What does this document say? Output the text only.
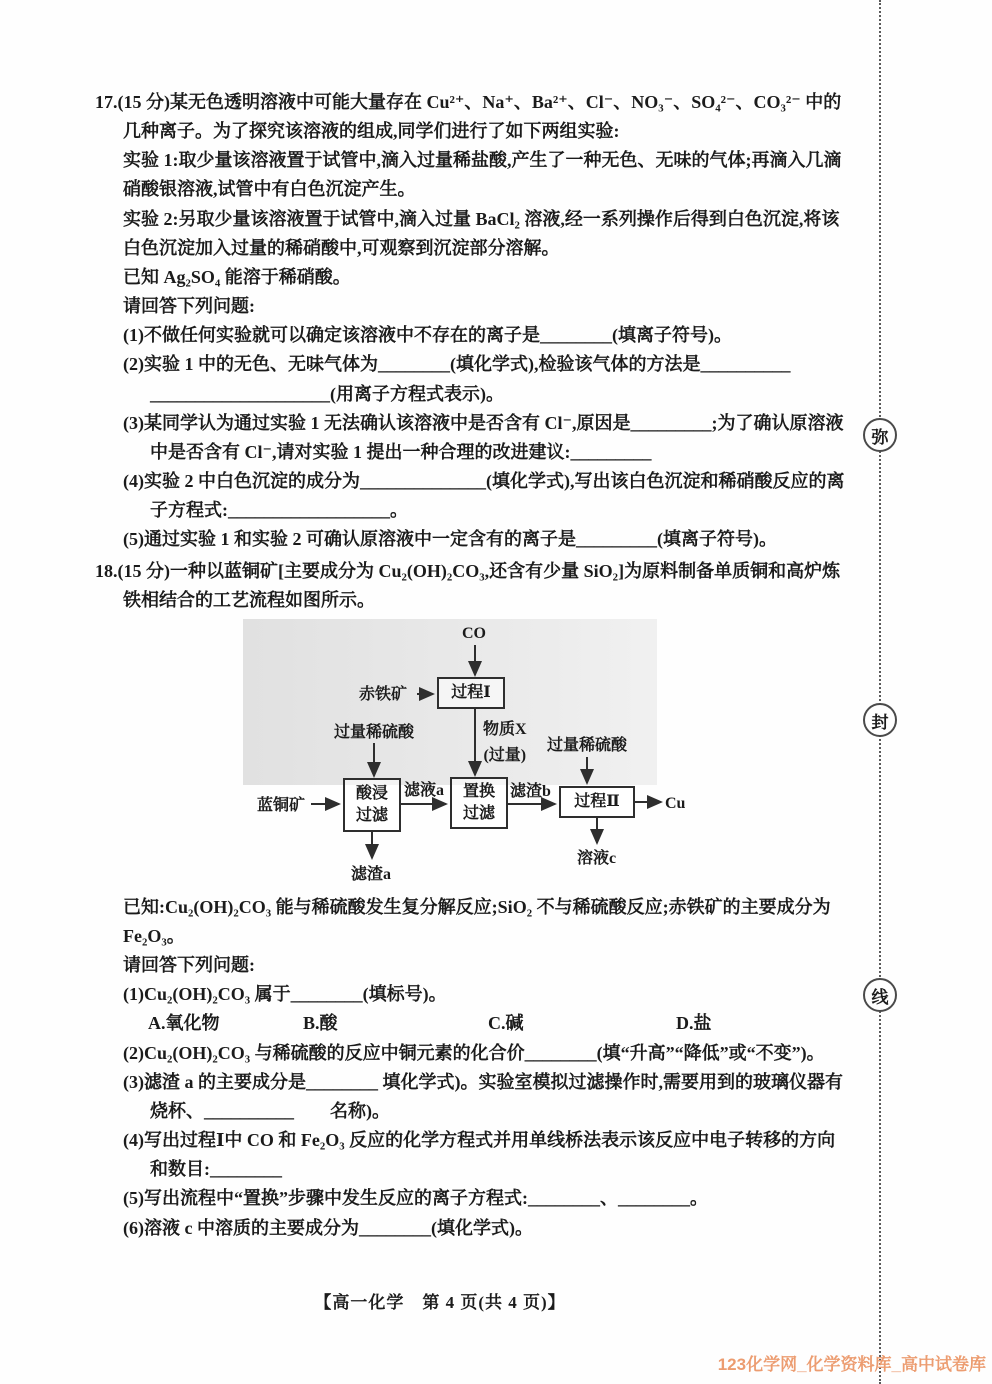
17.(15 分)某无色透明溶液中可能大量存在 Cu²⁺、Na⁺、Ba²⁺、Cl⁻、NO₃⁻、SO₄²⁻、CO₃²⁻ 中的几种离子。为了探究该溶液的组成,同学们进行了如下两组实验:

实验 1:取少量该溶液置于试管中,滴入过量稀盐酸,产生了一种无色、无味的气体;再滴入几滴硝酸银溶液,试管中有白色沉淀产生。

实验 2:另取少量该溶液置于试管中,滴入过量 BaCl₂ 溶液,经一系列操作后得到白色沉淀,将该白色沉淀加入过量的稀硝酸中,可观察到沉淀部分溶解。

已知 Ag₂SO₄ 能溶于稀硝酸。

请回答下列问题:

(1)不做任何实验就可以确定该溶液中不存在的离子是________(填离子符号)。

(2)实验 1 中的无色、无味气体为________(填化学式),检验该气体的方法是__________ ____________________(用离子方程式表示)。

(3)某同学认为通过实验 1 无法确认该溶液中是否含有 Cl⁻,原因是_________;为了确认原溶液中是否含有 Cl⁻,请对实验 1 提出一种合理的改进建议:_________

(4)实验 2 中白色沉淀的成分为______________(填化学式),写出该白色沉淀和稀硝酸反应的离子方程式:__________________。

(5)通过实验 1 和实验 2 可确认原溶液中一定含有的离子是_________(填离子符号)。

18.(15 分)一种以蓝铜矿[主要成分为 Cu₂(OH)₂CO₃,还含有少量 SiO₂]为原料制备单质铜和高炉炼铁相结合的工艺流程如图所示。

CO
赤铁矿	过程Ⅰ
物质X
(过量)
过量稀硫酸
过量稀硫酸
蓝铜矿
酸浸
过滤
滤液a 置换
过滤
滤渣b
过程Ⅱ	Cu
滤渣a
溶液c

已知:Cu₂(OH)₂CO₃ 能与稀硫酸发生复分解反应;SiO₂ 不与稀硫酸反应;赤铁矿的主要成分为 Fe₂O₃。

请回答下列问题:

(1)Cu₂(OH)₂CO₃ 属于________(填标号)。

A.氧化物	B.酸	C.碱	D.盐

(2)Cu₂(OH)₂CO₃ 与稀硫酸的反应中铜元素的化合价________(填“升高”“降低”或“不变”)。

(3)滤渣 a 的主要成分是________ 填化学式)。实验室模拟过滤操作时,需要用到的玻璃仪器有烧杯、__________　　名称)。

(4)写出过程Ⅰ中 CO 和 Fe₂O₃ 反应的化学方程式并用单线桥法表示该反应中电子转移的方向和数目:________

(5)写出流程中“置换”步骤中发生反应的离子方程式:________、________。

(6)溶液 c 中溶质的主要成分为________(填化学式)。

弥
封
线
【高一化学　第 4 页(共 4 页)】
123化学网_化学资料库_高中试卷库
